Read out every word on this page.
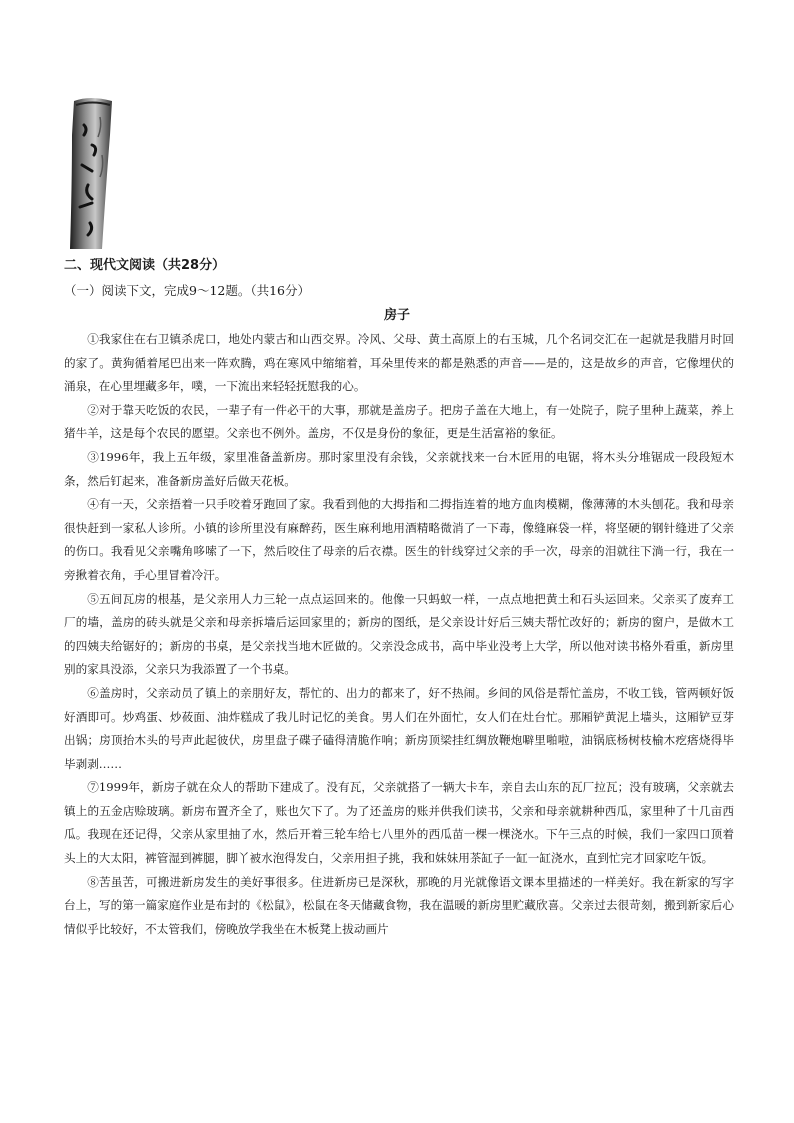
二、现代文阅读（共28分）
（一）阅读下文，完成9～12题。（共16分）
房子

①我家住在右卫镇杀虎口，地处内蒙古和山西交界。冷风、父母、黄土高原上的右玉城，几个名词交汇在一起就是我腊月时回的家了。黄狗循着尾巴出来一阵欢腾，鸡在寒风中缩缩着，耳朵里传来的都是熟悉的声音——是的，这是故乡的声音，它像埋伏的涌泉，在心里埋藏多年，噗，一下流出来轻轻抚慰我的心。

②对于靠天吃饭的农民，一辈子有一件必干的大事，那就是盖房子。把房子盖在大地上，有一处院子，院子里种上蔬菜，养上猪牛羊，这是每个农民的愿望。父亲也不例外。盖房，不仅是身份的象征，更是生活富裕的象征。

③1996年，我上五年级，家里准备盖新房。那时家里没有余钱，父亲就找来一台木匠用的电锯，将木头分堆锯成一段段短木条，然后钉起来，准备新房盖好后做天花板。

④有一天，父亲捂着一只手咬着牙跑回了家。我看到他的大拇指和二拇指连着的地方血肉模糊，像薄薄的木头刨花。我和母亲很快赶到一家私人诊所。小镇的诊所里没有麻醉药，医生麻利地用酒精略微消了一下毒，像缝麻袋一样，将坚硬的钢针缝进了父亲的伤口。我看见父亲嘴角哆嗦了一下，然后咬住了母亲的后衣襟。医生的针线穿过父亲的手一次，母亲的泪就往下淌一行，我在一旁揪着衣角，手心里冒着冷汗。

⑤五间瓦房的根基，是父亲用人力三轮一点点运回来的。他像一只蚂蚁一样，一点点地把黄土和石头运回来。父亲买了废弃工厂的墙，盖房的砖头就是父亲和母亲拆墙后运回家里的；新房的图纸，是父亲设计好后三姨夫帮忙改好的；新房的窗户，是做木工的四姨夫给锯好的；新房的书桌，是父亲找当地木匠做的。父亲没念成书，高中毕业没考上大学，所以他对读书格外看重，新房里别的家具没添，父亲只为我添置了一个书桌。

⑥盖房时，父亲动员了镇上的亲朋好友，帮忙的、出力的都来了，好不热闹。乡间的风俗是帮忙盖房，不收工钱，管两顿好饭好酒即可。炒鸡蛋、炒莜面、油炸糕成了我儿时记忆的美食。男人们在外面忙，女人们在灶台忙。那厢铲黄泥上墙头，这厢铲豆芽出锅；房顶抬木头的号声此起彼伏，房里盘子碟子磕得清脆作响；新房顶梁挂红绸放鞭炮噼里啪啦，油锅底杨树枝榆木疙瘩烧得毕毕剥剥……

⑦1999年，新房子就在众人的帮助下建成了。没有瓦，父亲就搭了一辆大卡车，亲自去山东的瓦厂拉瓦；没有玻璃，父亲就去镇上的五金店赊玻璃。新房布置齐全了，账也欠下了。为了还盖房的账并供我们读书，父亲和母亲就耕种西瓜，家里种了十几亩西瓜。我现在还记得，父亲从家里抽了水，然后开着三轮车给七八里外的西瓜苗一棵一棵浇水。下午三点的时候，我们一家四口顶着头上的大太阳，裤管湿到裤腿，脚丫被水泡得发白，父亲用担子挑，我和妹妹用茶缸子一缸一缸浇水，直到忙完才回家吃午饭。

⑧苦虽苦，可搬进新房发生的美好事很多。住进新房已是深秋，那晚的月光就像语文课本里描述的一样美好。我在新家的写字台上，写的第一篇家庭作业是布封的《松鼠》，松鼠在冬天储藏食物，我在温暖的新房里贮藏欣喜。父亲过去很苛刻，搬到新家后心情似乎比较好，不太管我们，傍晚放学我坐在木板凳上拔动画片
